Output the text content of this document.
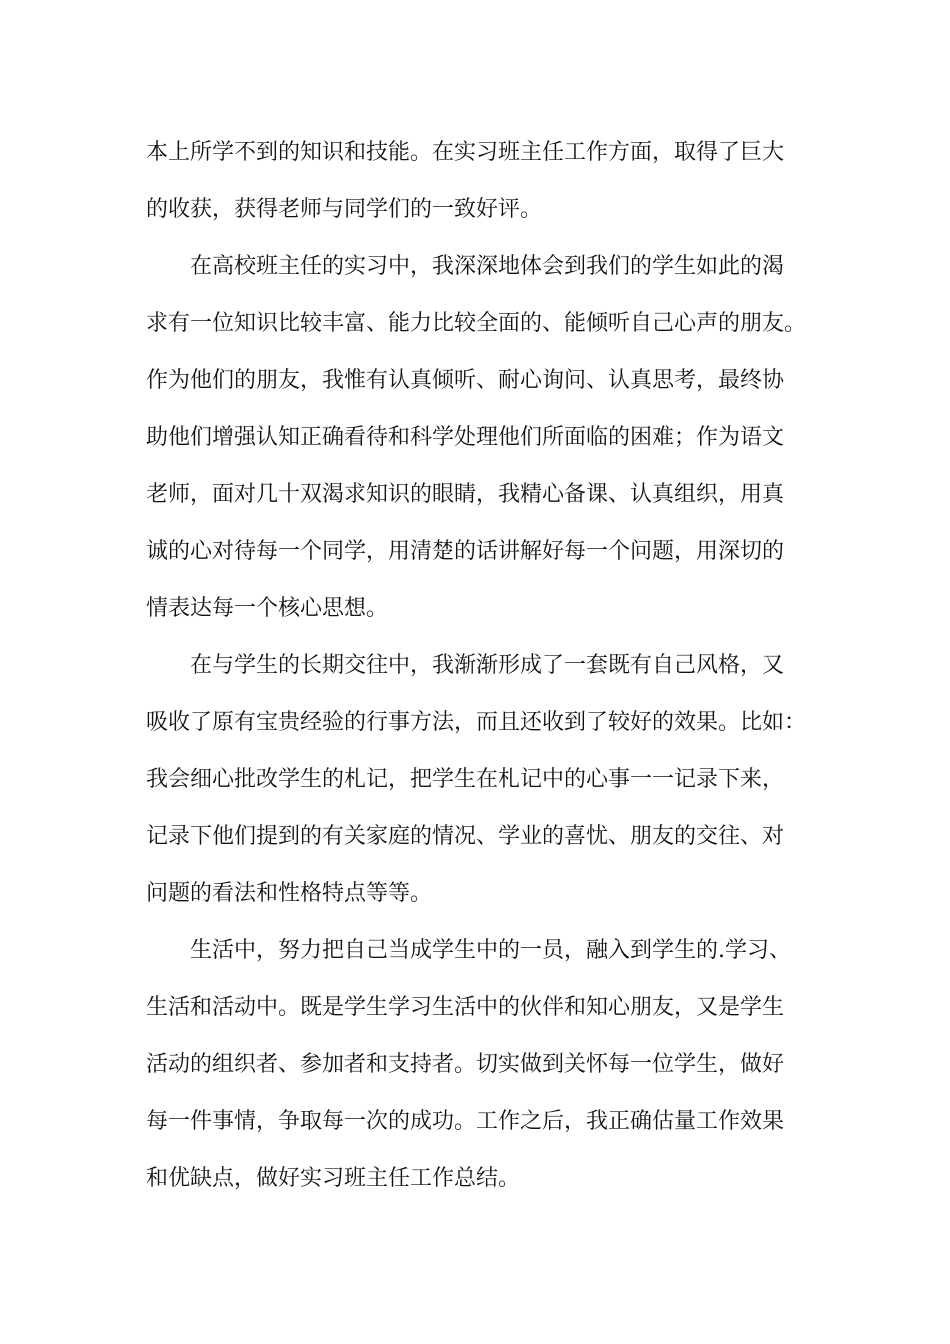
本上所学不到的知识和技能。在实习班主任工作方面，取得了巨大
的收获，获得老师与同学们的一致好评。
在高校班主任的实习中，我深深地体会到我们的学生如此的渴
求有一位知识比较丰富、能力比较全面的、能倾听自己心声的朋友。
作为他们的朋友，我惟有认真倾听、耐心询问、认真思考，最终协
助他们增强认知正确看待和科学处理他们所面临的困难；作为语文
老师，面对几十双渴求知识的眼睛，我精心备课、认真组织，用真
诚的心对待每一个同学，用清楚的话讲解好每一个问题，用深切的
情表达每一个核心思想。
在与学生的长期交往中，我渐渐形成了一套既有自己风格，又
吸收了原有宝贵经验的行事方法，而且还收到了较好的效果。比如：
我会细心批改学生的札记，把学生在札记中的心事一一记录下来，
记录下他们提到的有关家庭的情况、学业的喜忧、朋友的交往、对
问题的看法和性格特点等等。
生活中，努力把自己当成学生中的一员，融入到学生的.学习、
生活和活动中。既是学生学习生活中的伙伴和知心朋友，又是学生
活动的组织者、参加者和支持者。切实做到关怀每一位学生，做好
每一件事情，争取每一次的成功。工作之后，我正确估量工作效果
和优缺点，做好实习班主任工作总结。
